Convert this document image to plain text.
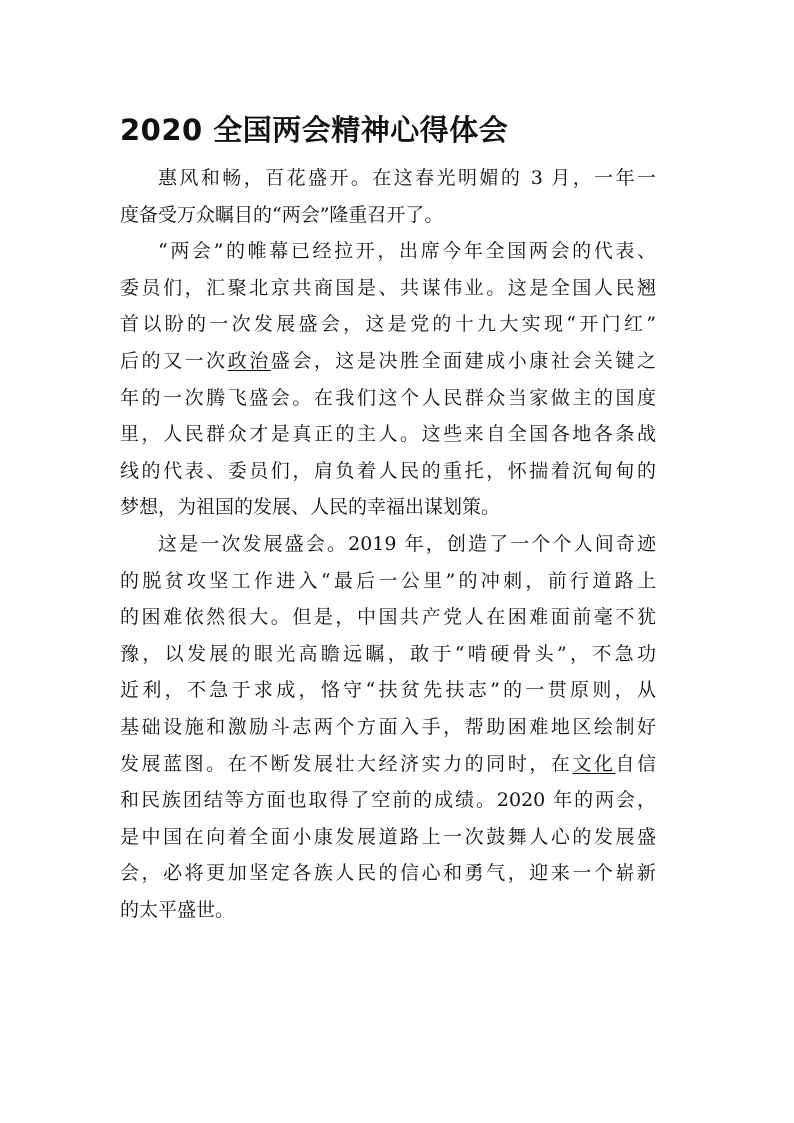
2020 全国两会精神心得体会
惠风和畅，百花盛开。在这春光明媚的 3 月，一年一
度备受万众瞩目的“两会”隆重召开了。
“两会”的帷幕已经拉开，出席今年全国两会的代表、
委员们，汇聚北京共商国是、共谋伟业。这是全国人民翘
首以盼的一次发展盛会，这是党的十九大实现“开门红”
后的又一次政治盛会，这是决胜全面建成小康社会关键之
年的一次腾飞盛会。在我们这个人民群众当家做主的国度
里，人民群众才是真正的主人。这些来自全国各地各条战
线的代表、委员们，肩负着人民的重托，怀揣着沉甸甸的
梦想，为祖国的发展、人民的幸福出谋划策。
这是一次发展盛会。2019 年，创造了一个个人间奇迹
的脱贫攻坚工作进入“最后一公里”的冲刺，前行道路上
的困难依然很大。但是，中国共产党人在困难面前毫不犹
豫，以发展的眼光高瞻远瞩，敢于“啃硬骨头”，不急功
近利，不急于求成，恪守“扶贫先扶志”的一贯原则，从
基础设施和激励斗志两个方面入手，帮助困难地区绘制好
发展蓝图。在不断发展壮大经济实力的同时，在文化自信
和民族团结等方面也取得了空前的成绩。2020 年的两会，
是中国在向着全面小康发展道路上一次鼓舞人心的发展盛
会，必将更加坚定各族人民的信心和勇气，迎来一个崭新
的太平盛世。
